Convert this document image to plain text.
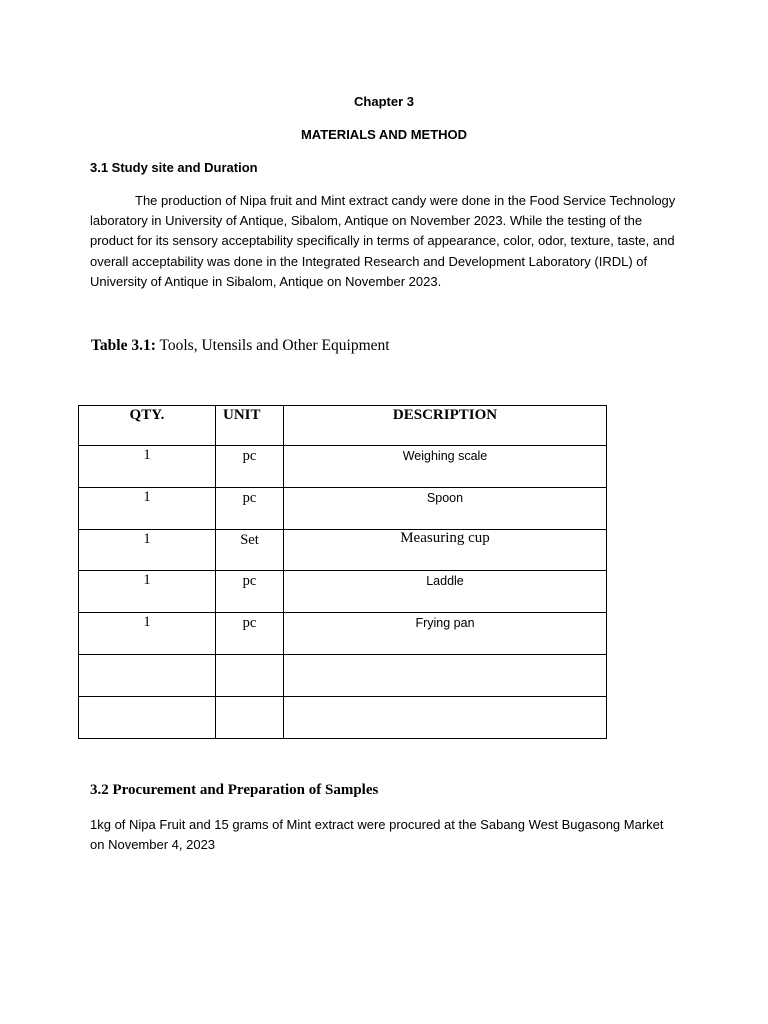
Chapter 3
MATERIALS AND METHOD
3.1 Study site and Duration

The production of Nipa fruit and Mint extract candy were done in the Food Service Technology laboratory in University of Antique, Sibalom, Antique on November 2023. While the testing of the product for its sensory acceptability specifically in terms of appearance, color, odor, texture, taste, and overall acceptability was done in the Integrated Research and Development Laboratory (IRDL) of University of Antique in Sibalom, Antique on November 2023.

Table 3.1: Tools, Utensils and Other Equipment
QTY.	UNIT	DESCRIPTION
1	pc	Weighing scale
1	pc	Spoon
1	Set	Measuring cup
1	pc	Laddle
1	pc	Frying pan

3.2 Procurement and Preparation of Samples

1kg of Nipa Fruit and 15 grams of Mint extract were procured at the Sabang West Bugasong Market on November 4, 2023
